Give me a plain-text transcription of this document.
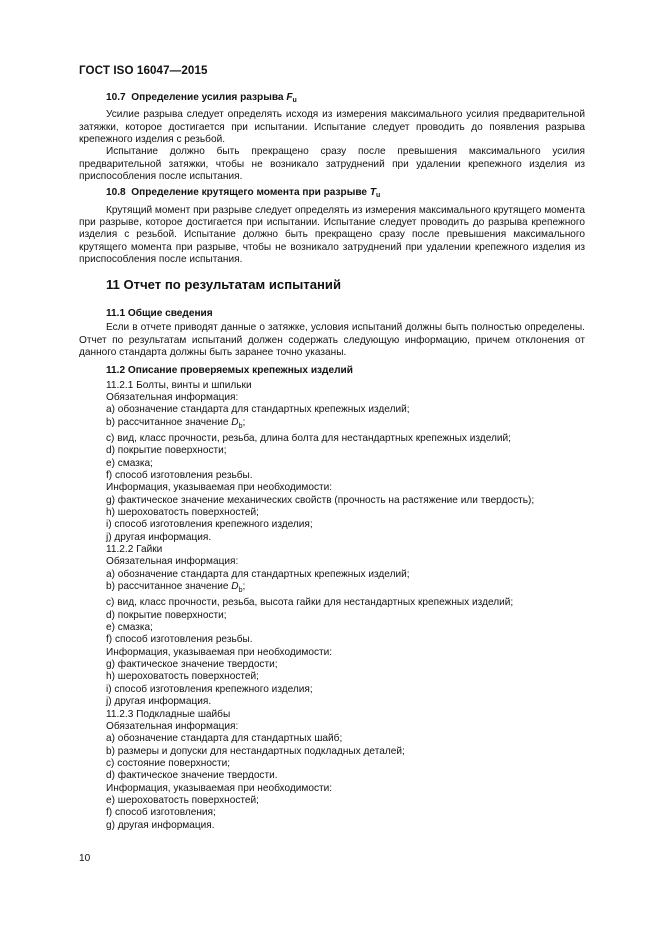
ГОСТ ISO 16047—2015

10.7 Определение усилия разрыва $F_u$

Усилие разрыва следует определять исходя из измерения максимального усилия предварительной затяжки, которое достигается при испытании. Испытание следует проводить до появления разрыва крепежного изделия с резьбой.

Испытание должно быть прекращено сразу после превышения максимального усилия предварительной затяжки, чтобы не возникало затруднений при удалении крепежного изделия из приспособления после испытания.

10.8 Определение крутящего момента при разрыве $T_u$

Крутящий момент при разрыве следует определять из измерения максимального крутящего момента при разрыве, которое достигается при испытании. Испытание следует проводить до разрыва крепежного изделия с резьбой. Испытание должно быть прекращено сразу после превышения максимального крутящего момента при разрыве, чтобы не возникало затруднений при удалении крепежного изделия из приспособления после испытания.

11 Отчет по результатам испытаний

11.1 Общие сведения

Если в отчете приводят данные о затяжке, условия испытаний должны быть полностью определены. Отчет по результатам испытаний должен содержать следующую информацию, причем отклонения от данного стандарта должны быть заранее точно указаны.

11.2 Описание проверяемых крепежных изделий

11.2.1 Болты, винты и шпильки

Обязательная информация:

a) обозначение стандарта для стандартных крепежных изделий;

b) рассчитанное значение $D_b$;

c) вид, класс прочности, резьба, длина болта для нестандартных крепежных изделий;

d) покрытие поверхности;

e) смазка;

f) способ изготовления резьбы.

Информация, указываемая при необходимости:

g) фактическое значение механических свойств (прочность на растяжение или твердость);

h) шероховатость поверхностей;

i) способ изготовления крепежного изделия;

j) другая информация.

11.2.2 Гайки

Обязательная информация:

a) обозначение стандарта для стандартных крепежных изделий;

b) рассчитанное значение $D_b$;

c) вид, класс прочности, резьба, высота гайки для нестандартных крепежных изделий;

d) покрытие поверхности;

e) смазка;

f) способ изготовления резьбы.

Информация, указываемая при необходимости:

g) фактическое значение твердости;

h) шероховатость поверхностей;

i) способ изготовления крепежного изделия;

j) другая информация.

11.2.3 Подкладные шайбы

Обязательная информация:

a) обозначение стандарта для стандартных шайб;

b) размеры и допуски для нестандартных подкладных деталей;

c) состояние поверхности;

d) фактическое значение твердости.

Информация, указываемая при необходимости:

e) шероховатость поверхностей;

f) способ изготовления;

g) другая информация.

10
